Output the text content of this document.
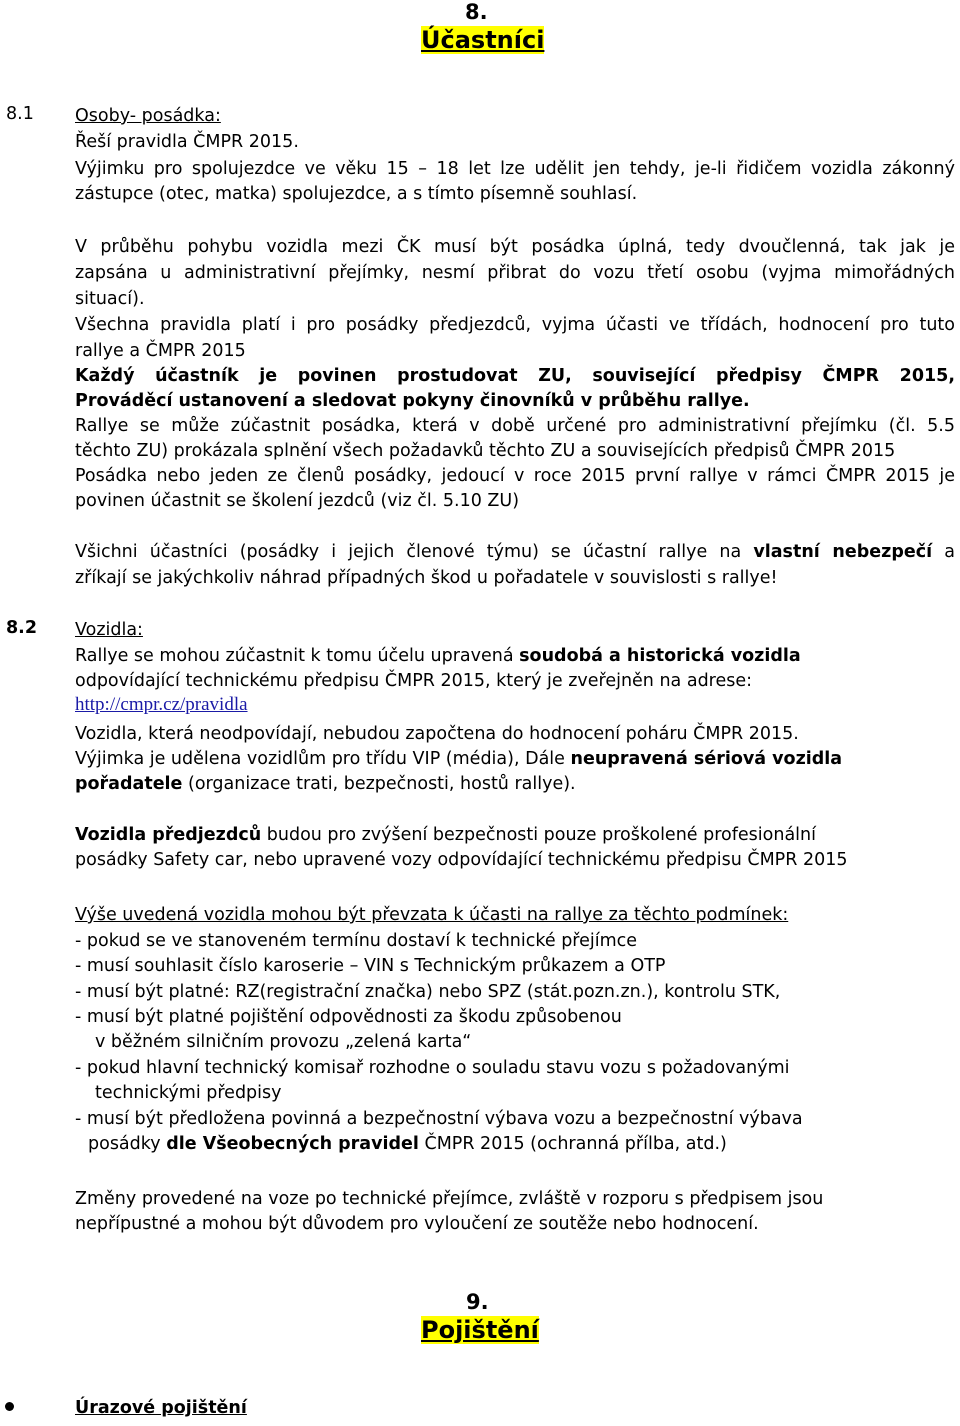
8.
Účastníci
8.1 Osoby- posádka:
Řeší pravidla ČMPR 2015.
Výjimku pro spolujezdce ve věku 15 – 18 let lze udělit jen tehdy, je-li řidičem vozidla zákonný
zástupce (otec, matka) spolujezdce, a s tímto písemně souhlasí.
V průběhu pohybu vozidla mezi ČK musí být posádka úplná, tedy dvoučlenná, tak jak je
zapsána u administrativní přejímky, nesmí přibrat do vozu třetí osobu (vyjma mimořádných
situací).
Všechna pravidla platí i pro posádky předjezdců, vyjma účasti ve třídách, hodnocení pro tuto
rallye a ČMPR 2015
Každý účastník je povinen prostudovat ZU, související předpisy ČMPR 2015,
Prováděcí ustanovení a sledovat pokyny činovníků v průběhu rallye.
Rallye se může zúčastnit posádka, která v době určené pro administrativní přejímku (čl. 5.5
těchto ZU) prokázala splnění všech požadavků těchto ZU a souvisejících předpisů ČMPR 2015
Posádka nebo jeden ze členů posádky, jedoucí v roce 2015 první rallye v rámci ČMPR 2015 je
povinen účastnit se školení jezdců (viz čl. 5.10 ZU)
Všichni účastníci (posádky i jejich členové týmu) se účastní rallye na vlastní nebezpečí a
zříkají se jakýchkoliv náhrad případných škod u pořadatele v souvislosti s rallye!
8.2 Vozidla:
Rallye se mohou zúčastnit k tomu účelu upravená soudobá a historická vozidla
odpovídající technickému předpisu ČMPR 2015, který je zveřejněn na adrese:
http://cmpr.cz/pravidla
Vozidla, která neodpovídají, nebudou započtena do hodnocení poháru ČMPR 2015.
Výjimka je udělena vozidlům pro třídu VIP (média), Dále neupravená sériová vozidla
pořadatele (organizace trati, bezpečnosti, hostů rallye).
Vozidla předjezdců budou pro zvýšení bezpečnosti pouze proškolené profesionální
posádky Safety car, nebo upravené vozy odpovídající technickému předpisu ČMPR 2015
Výše uvedená vozidla mohou být převzata k účasti na rallye za těchto podmínek:
- pokud se ve stanoveném termínu dostaví k technické přejímce
- musí souhlasit číslo karoserie – VIN s Technickým průkazem a OTP
- musí být platné: RZ(registrační značka) nebo SPZ (stát.pozn.zn.), kontrolu STK,
- musí být platné pojištění odpovědnosti za škodu způsobenou
v běžném silničním provozu „zelená karta“
- pokud hlavní technický komisař rozhodne o souladu stavu vozu s požadovanými
technickými předpisy
- musí být předložena povinná a bezpečnostní výbava vozu a bezpečnostní výbava
posádky dle Všeobecných pravidel ČMPR 2015 (ochranná přílba, atd.)
Změny provedené na voze po technické přejímce, zvláště v rozporu s předpisem jsou
nepřípustné a mohou být důvodem pro vyloučení ze soutěže nebo hodnocení.
9.
Pojištění
Úrazové pojištění
